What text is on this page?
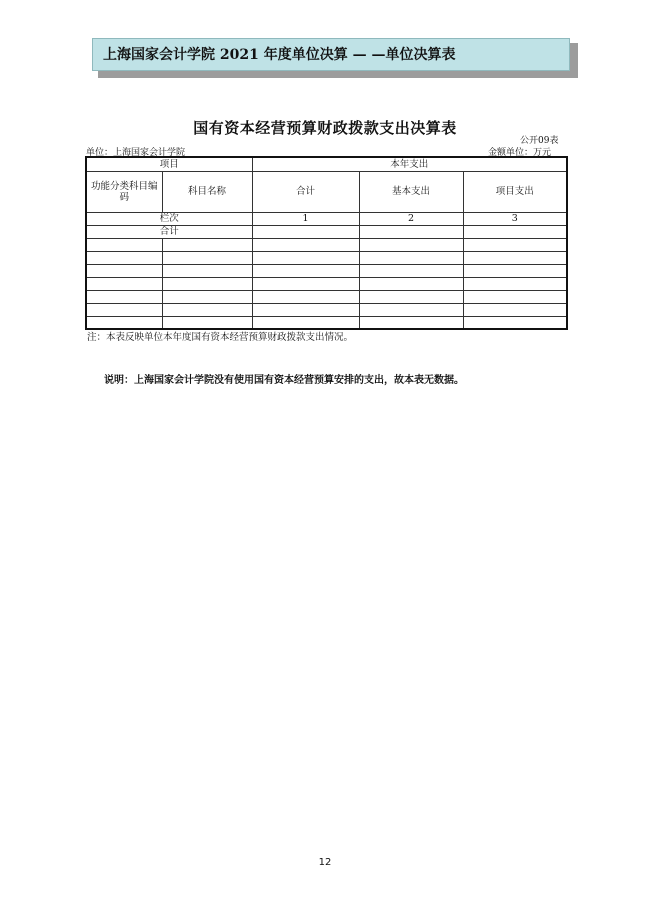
上海国家会计学院 2021 年度单位决算 — —单位决算表
国有资本经营预算财政拨款支出决算表
公开09表
单位：上海国家会计学院	金额单位：万元
项目		本年支出		
功能分类科目编码	科目名称	合计	基本支出	项目支出
栏次		1	2	3
合计				

注：本表反映单位本年度国有资本经营预算财政拨款支出情况。
说明：上海国家会计学院没有使用国有资本经营预算安排的支出，故本表无数据。
12
